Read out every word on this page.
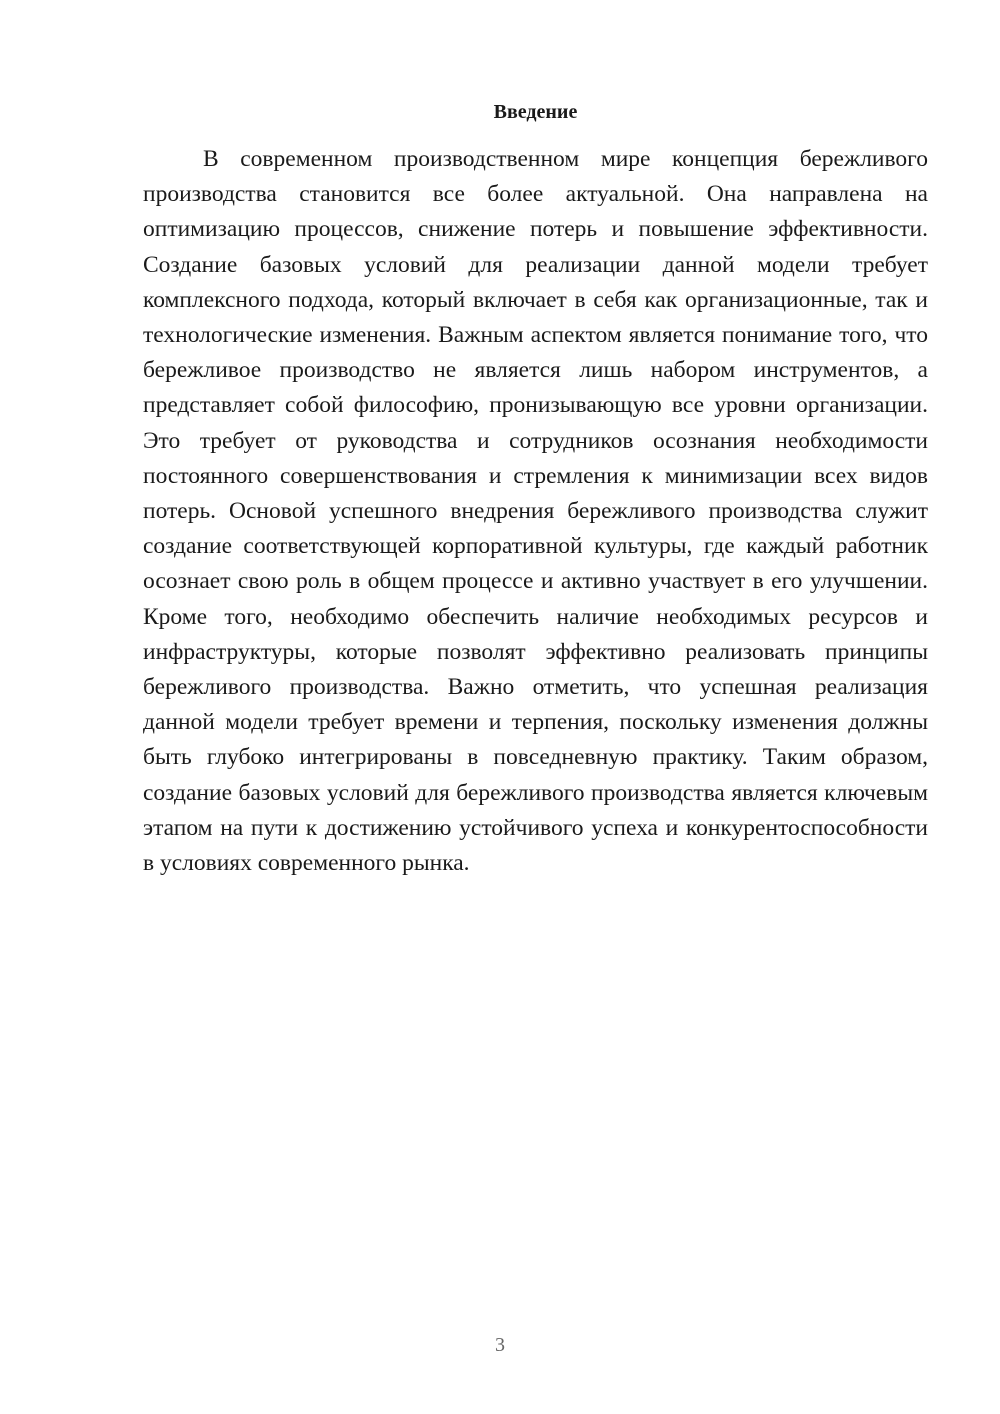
Введение

В современном производственном мире концепция бережливого производства становится все более актуальной. Она направлена на оптимизацию процессов, снижение потерь и повышение эффективности. Создание базовых условий для реализации данной модели требует комплексного подхода, который включает в себя как организационные, так и технологические изменения. Важным аспектом является понимание того, что бережливое производство не является лишь набором инструментов, а представляет собой философию, пронизывающую все уровни организации. Это требует от руководства и сотрудников осознания необходимости постоянного совершенствования и стремления к минимизации всех видов потерь. Основой успешного внедрения бережливого производства служит создание соответствующей корпоративной культуры, где каждый работник осознает свою роль в общем процессе и активно участвует в его улучшении. Кроме того, необходимо обеспечить наличие необходимых ресурсов и инфраструктуры, которые позволят эффективно реализовать принципы бережливого производства. Важно отметить, что успешная реализация данной модели требует времени и терпения, поскольку изменения должны быть глубоко интегрированы в повседневную практику. Таким образом, создание базовых условий для бережливого производства является ключевым этапом на пути к достижению устойчивого успеха и конкурентоспособности в условиях современного рынка.

3
